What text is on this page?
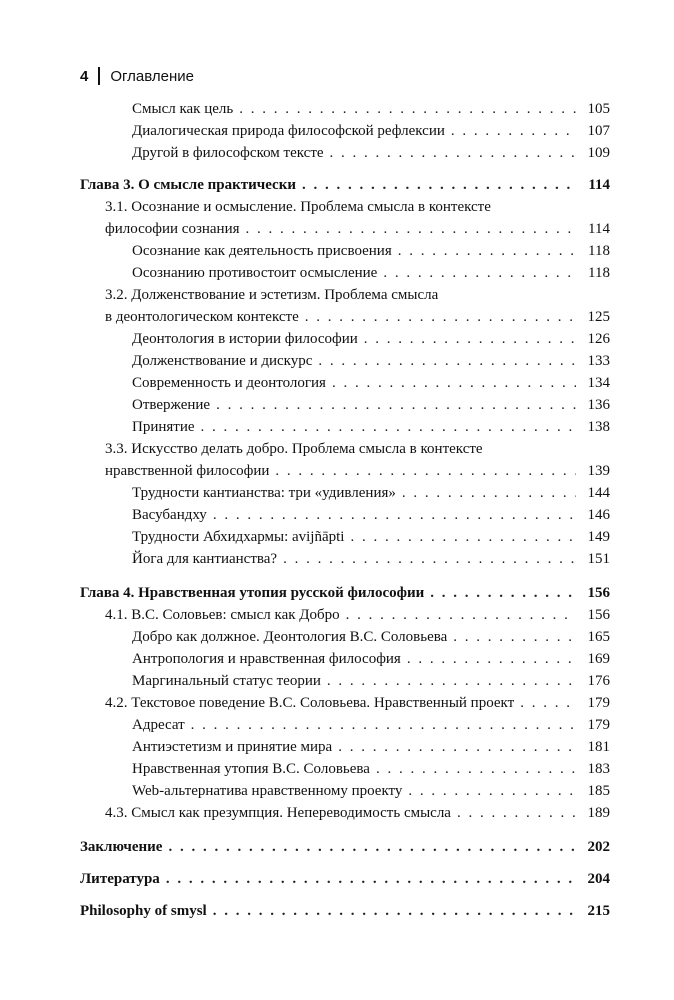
4 Оглавление
Смысл как цель . . .	105
Диалогическая природа философской рефлексии . . .	107
Другой в философском тексте . . .	109
Глава 3. О смысле практически . . .	114
3.1. Осознание и осмысление. Проблема смысла в контексте
философии сознания . . .	114
Осознание как деятельность присвоения . . .	118
Осознанию противостоит осмысление . . .	118
3.2. Долженствование и эстетизм. Проблема смысла
в деонтологическом контексте . . .	125
Деонтология в истории философии . . .	126
Долженствование и дискурс . . .	133
Современность и деонтология . . .	134
Отвержение . . .	136
Принятие . . .	138
3.3. Искусство делать добро. Проблема смысла в контексте
нравственной философии . . .	139
Трудности кантианства: три «удивления» . . .	144
Васубандху . . .	146
Трудности Абхидхармы: avijñāpti . . .	149
Йога для кантианства? . . .	151
Глава 4. Нравственная утопия русской философии . . .	156
4.1. В.С. Соловьев: смысл как Добро . . .	156
Добро как должное. Деонтология В.С. Соловьева . . .	165
Антропология и нравственная философия . . .	169
Маргинальный статус теории . . .	176
4.2. Текстовое поведение В.С. Соловьева. Нравственный проект . . .	179
Адресат . . .	179
Антиэстетизм и принятие мира . . .	181
Нравственная утопия В.С. Соловьева . . .	183
Web-альтернатива нравственному проекту . . .	185
4.3. Смысл как презумпция. Непереводимость смысла . . .	189
Заключение . . .	202
Литература . . .	204
Philosophy of smysl . . .	215
